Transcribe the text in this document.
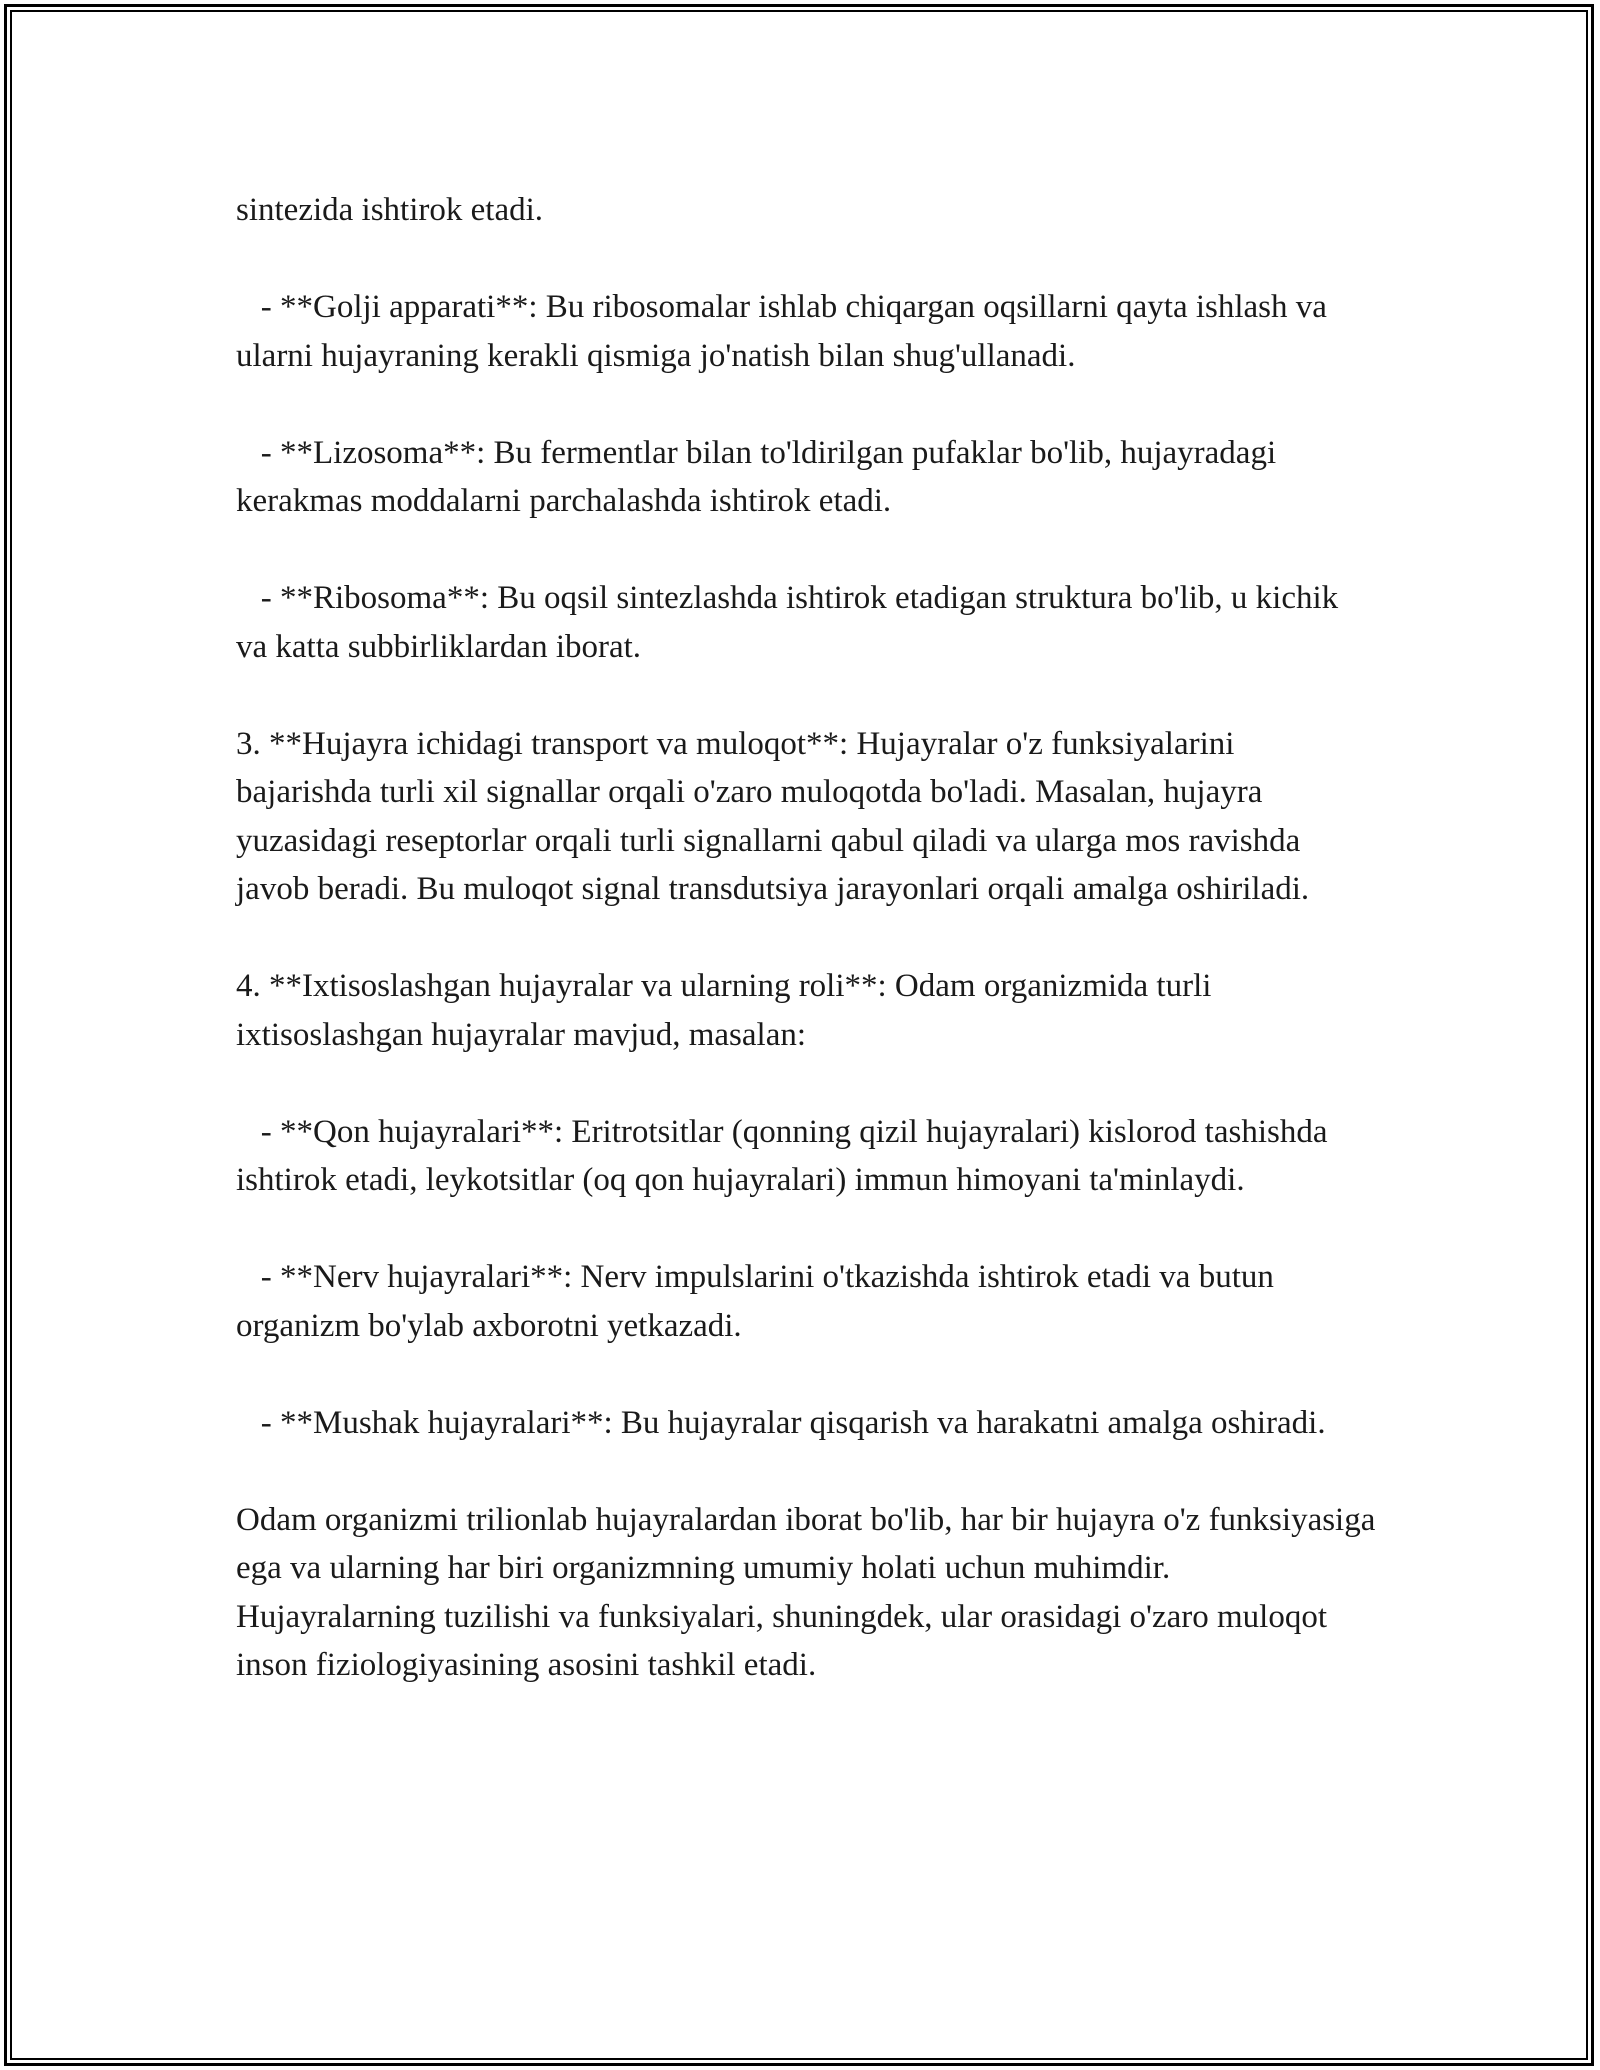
sintezida ishtirok etadi.

- **Golji apparati**: Bu ribosomalar ishlab chiqargan oqsillarni qayta ishlash va ularni hujayraning kerakli qismiga jo'natish bilan shug'ullanadi.

- **Lizosoma**: Bu fermentlar bilan to'ldirilgan pufaklar bo'lib, hujayradagi kerakmas moddalarni parchalashda ishtirok etadi.

- **Ribosoma**: Bu oqsil sintezlashda ishtirok etadigan struktura bo'lib, u kichik va katta subbirliklardan iborat.

3. **Hujayra ichidagi transport va muloqot**: Hujayralar o'z funksiyalarini bajarishda turli xil signallar orqali o'zaro muloqotda bo'ladi. Masalan, hujayra yuzasidagi reseptorlar orqali turli signallarni qabul qiladi va ularga mos ravishda javob beradi. Bu muloqot signal transdutsiya jarayonlari orqali amalga oshiriladi.

4. **Ixtisoslashgan hujayralar va ularning roli**: Odam organizmida turli ixtisoslashgan hujayralar mavjud, masalan:

- **Qon hujayralari**: Eritrotsitlar (qonning qizil hujayralari) kislorod tashishda ishtirok etadi, leykotsitlar (oq qon hujayralari) immun himoyani ta'minlaydi.

- **Nerv hujayralari**: Nerv impulslarini o'tkazishda ishtirok etadi va butun organizm bo'ylab axborotni yetkazadi.

- **Mushak hujayralari**: Bu hujayralar qisqarish va harakatni amalga oshiradi.

Odam organizmi trilionlab hujayralardan iborat bo'lib, har bir hujayra o'z funksiyasiga ega va ularning har biri organizmning umumiy holati uchun muhimdir. Hujayralarning tuzilishi va funksiyalari, shuningdek, ular orasidagi o'zaro muloqot inson fiziologiyasining asosini tashkil etadi.
